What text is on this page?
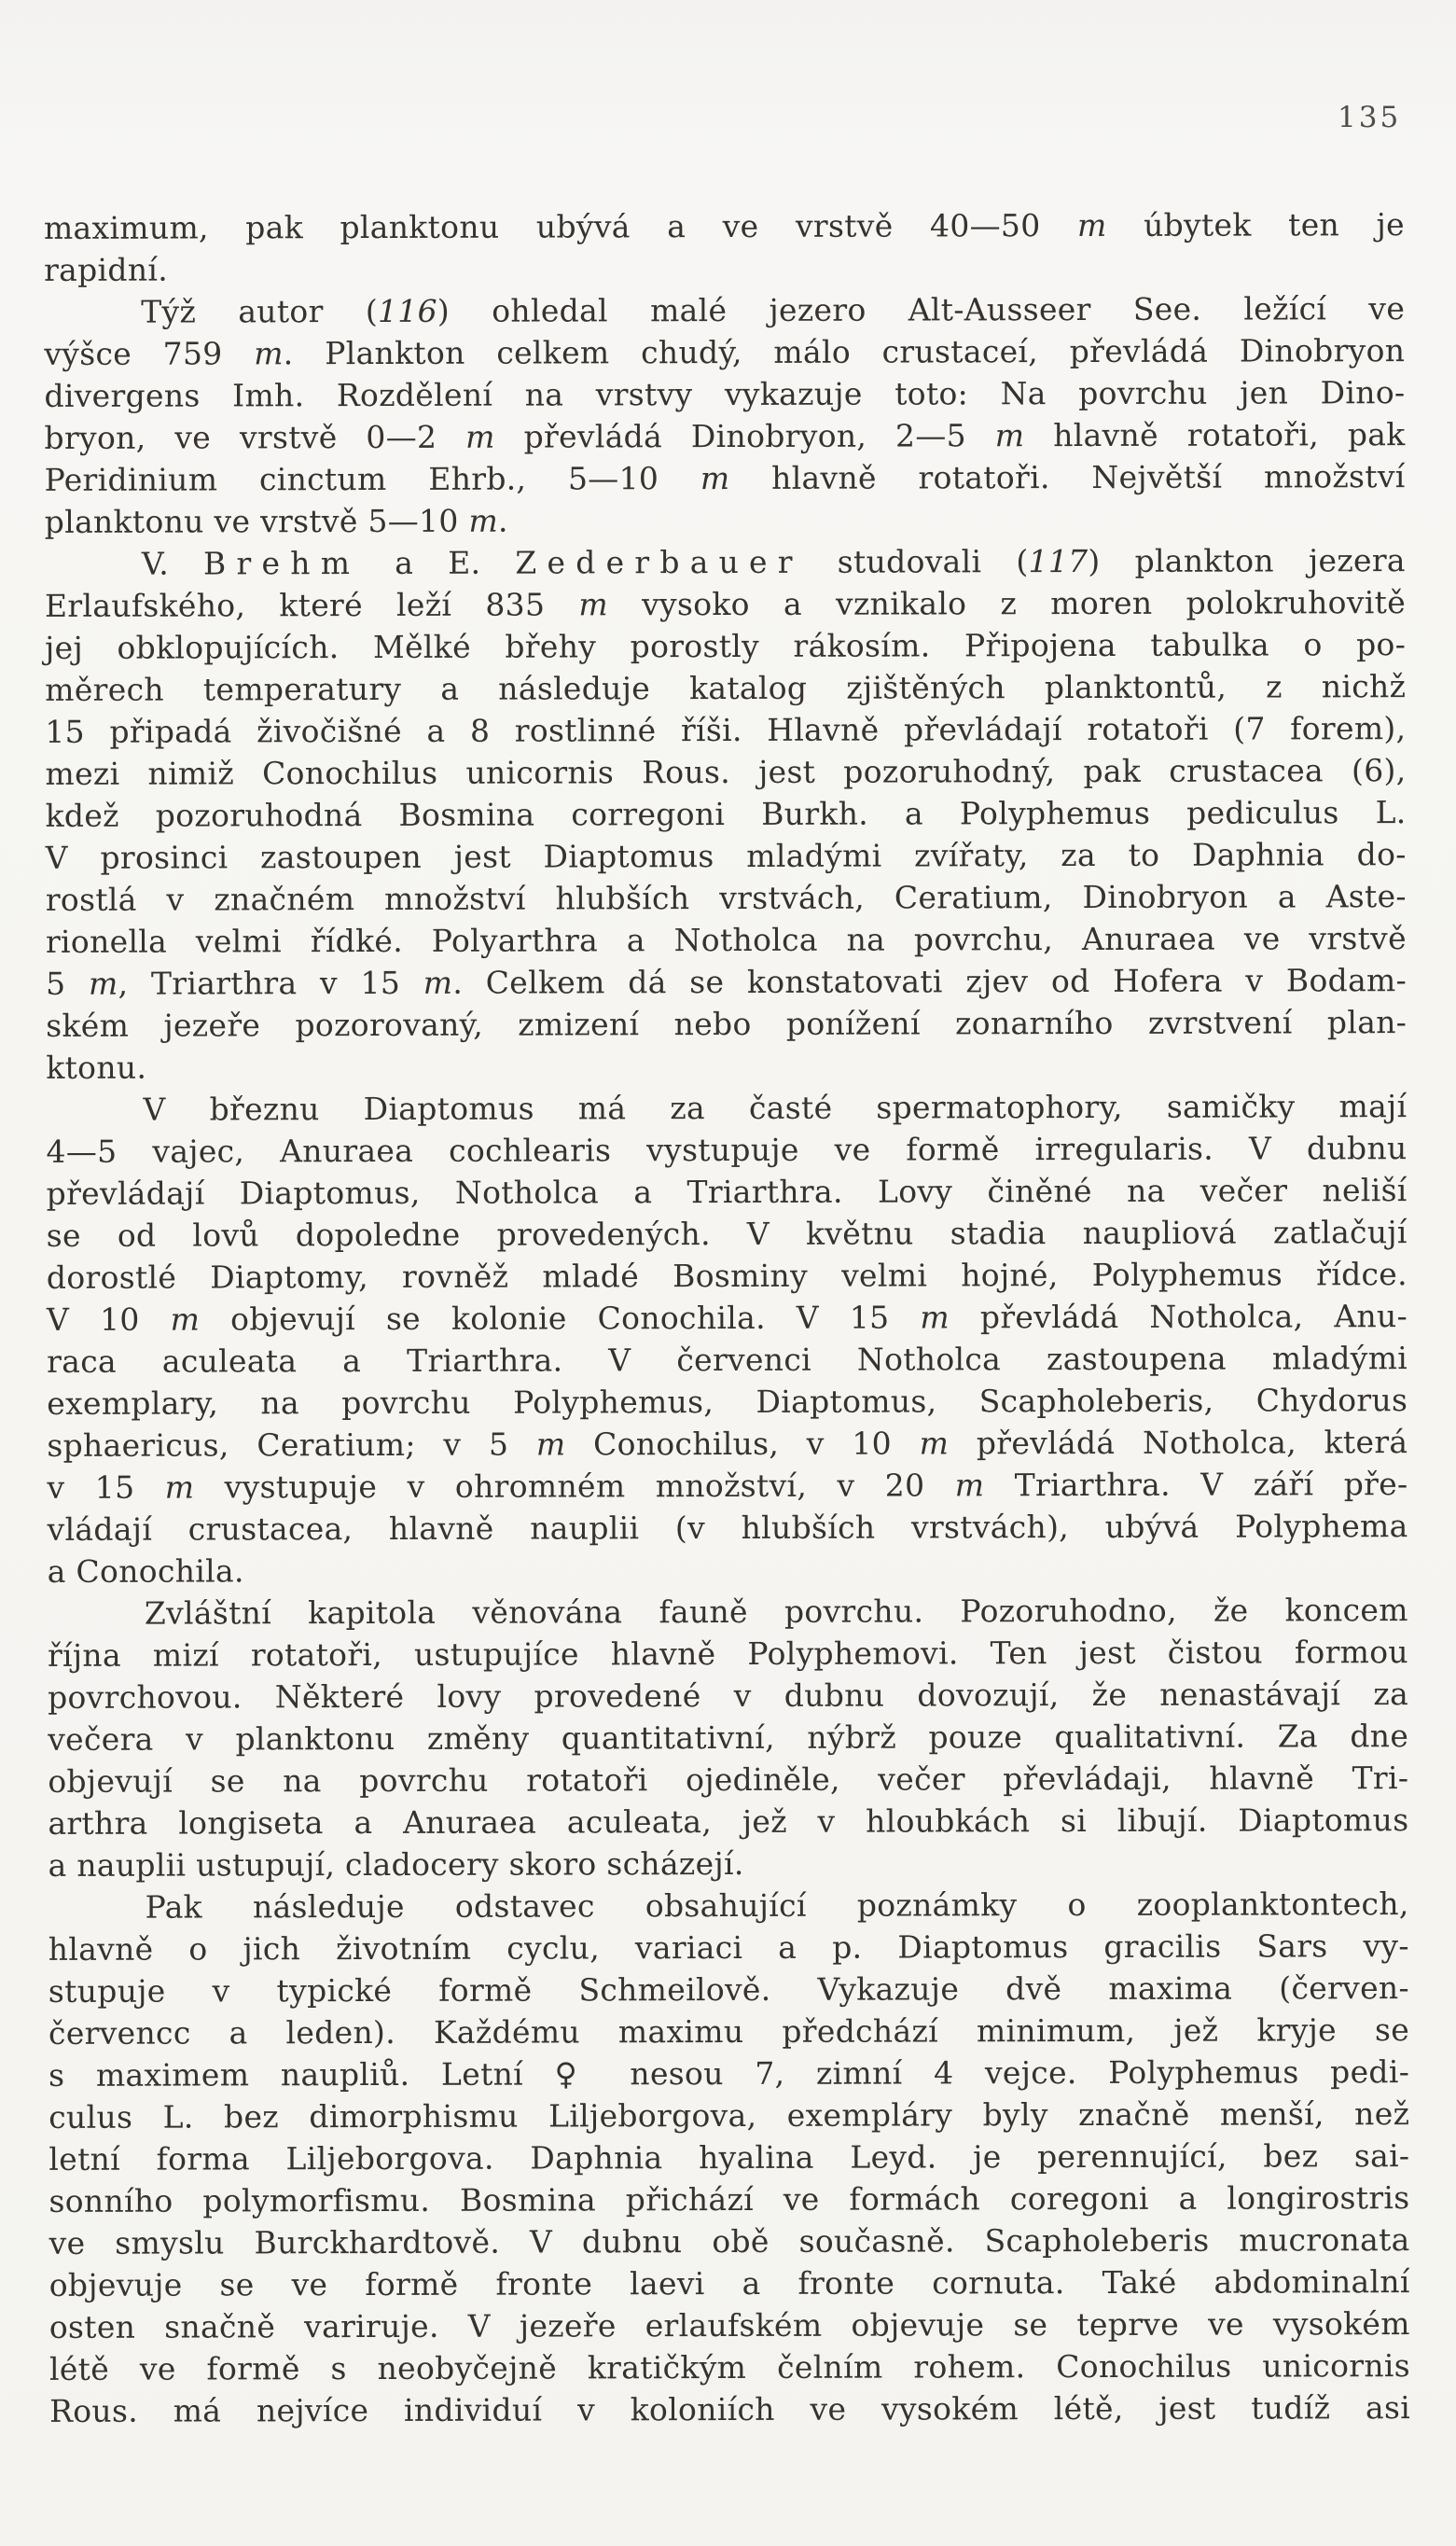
135
maximum, pak planktonu ubývá a ve vrstvě 40—50 m úbytek ten je
rapidní.
Týž autor (116) ohledal malé jezero Alt-Ausseer See. ležící ve
výšce 759 m. Plankton celkem chudý, málo crustaceí, převládá Dinobryon
divergens Imh. Rozdělení na vrstvy vykazuje toto: Na povrchu jen Dino-
bryon, ve vrstvě 0—2 m převládá Dinobryon, 2—5 m hlavně rotatoři, pak
Peridinium cinctum Ehrb., 5—10 m hlavně rotatoři. Největší množství
planktonu ve vrstvě 5—10 m.
V. Brehm a E. Zederbauer studovali (117) plankton jezera
Erlaufského, které leží 835 m vysoko a vznikalo z moren polokruhovitě
jej obklopujících. Mělké břehy porostly rákosím. Připojena tabulka o po-
měrech temperatury a následuje katalog zjištěných planktontů, z nichž
15 připadá živočišné a 8 rostlinné říši. Hlavně převládají rotatoři (7 forem),
mezi nimiž Conochilus unicornis Rous. jest pozoruhodný, pak crustacea (6),
kdež pozoruhodná Bosmina corregoni Burkh. a Polyphemus pediculus L.
V prosinci zastoupen jest Diaptomus mladými zvířaty, za to Daphnia do-
rostlá v značném množství hlubších vrstvách, Ceratium, Dinobryon a Aste-
rionella velmi řídké. Polyarthra a Notholca na povrchu, Anuraea ve vrstvě
5 m, Triarthra v 15 m. Celkem dá se konstatovati zjev od Hofera v Bodam-
ském jezeře pozorovaný, zmizení nebo ponížení zonarního zvrstvení plan-
ktonu.
V březnu Diaptomus má za časté spermatophory, samičky mají
4—5 vajec, Anuraea cochlearis vystupuje ve formě irregularis. V dubnu
převládají Diaptomus, Notholca a Triarthra. Lovy činěné na večer neliší
se od lovů dopoledne provedených. V květnu stadia naupliová zatlačují
dorostlé Diaptomy, rovněž mladé Bosminy velmi hojné, Polyphemus řídce.
V 10 m objevují se kolonie Conochila. V 15 m převládá Notholca, Anu-
raca aculeata a Triarthra. V červenci Notholca zastoupena mladými
exemplary, na povrchu Polyphemus, Diaptomus, Scapholeberis, Chydorus
sphaericus, Ceratium; v 5 m Conochilus, v 10 m převládá Notholca, která
v 15 m vystupuje v ohromném množství, v 20 m Triarthra. V září pře-
vládají crustacea, hlavně nauplii (v hlubších vrstvách), ubývá Polyphema
a Conochila.
Zvláštní kapitola věnována fauně povrchu. Pozoruhodno, že koncem
října mizí rotatoři, ustupujíce hlavně Polyphemovi. Ten jest čistou formou
povrchovou. Některé lovy provedené v dubnu dovozují, že nenastávají za
večera v planktonu změny quantitativní, nýbrž pouze qualitativní. Za dne
objevují se na povrchu rotatoři ojediněle, večer převládaji, hlavně Tri-
arthra longiseta a Anuraea aculeata, jež v hloubkách si libují. Diaptomus
a nauplii ustupují, cladocery skoro scházejí.
Pak následuje odstavec obsahující poznámky o zooplanktontech,
hlavně o jich životním cyclu, variaci a p. Diaptomus gracilis Sars vy-
stupuje v typické formě Schmeilově. Vykazuje dvě maxima (červen-
červencc a leden). Každému maximu předchází minimum, jež kryje se
s maximem naupliů. Letní ♀ nesou 7, zimní 4 vejce. Polyphemus pedi-
culus L. bez dimorphismu Liljeborgova, exempláry byly značně menší, než
letní forma Liljeborgova. Daphnia hyalina Leyd. je perennující, bez sai-
sonního polymorfismu. Bosmina přichází ve formách coregoni a longirostris
ve smyslu Burckhardtově. V dubnu obě současně. Scapholeberis mucronata
objevuje se ve formě fronte laevi a fronte cornuta. Také abdominalní
osten snačně variruje. V jezeře erlaufském objevuje se teprve ve vysokém
létě ve formě s neobyčejně kratičkým čelním rohem. Conochilus unicornis
Rous. má nejvíce individuí v koloniích ve vysokém létě, jest tudíž asi
